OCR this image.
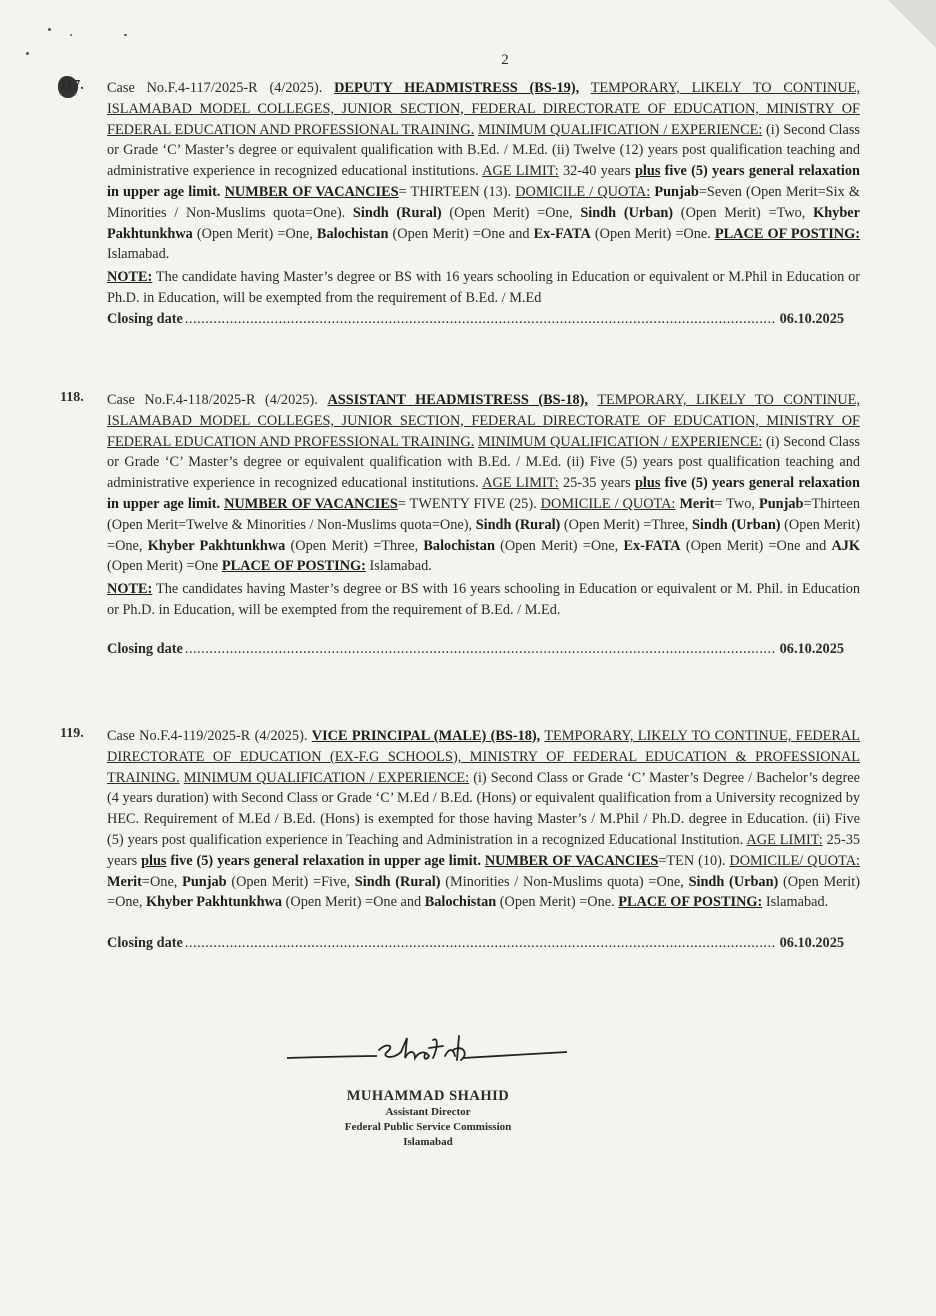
2
117.	Case No.F.4-117/2025-R (4/2025). DEPUTY HEADMISTRESS (BS-19), TEMPORARY, LIKELY TO CONTINUE, ISLAMABAD MODEL COLLEGES, JUNIOR SECTION, FEDERAL DIRECTORATE OF EDUCATION, MINISTRY OF FEDERAL EDUCATION AND PROFESSIONAL TRAINING. MINIMUM QUALIFICATION / EXPERIENCE: (i) Second Class or Grade ‘C’ Master’s degree or equivalent qualification with B.Ed. / M.Ed. (ii) Twelve (12) years post qualification teaching and administrative experience in recognized educational institutions. AGE LIMIT: 32-40 years plus five (5) years general relaxation in upper age limit. NUMBER OF VACANCIES= THIRTEEN (13). DOMICILE / QUOTA: Punjab=Seven (Open Merit=Six & Minorities / Non-Muslims quota=One). Sindh (Rural) (Open Merit) =One, Sindh (Urban) (Open Merit) =Two, Khyber Pakhtunkhwa (Open Merit) =One, Balochistan (Open Merit) =One and Ex-FATA (Open Merit) =One. PLACE OF POSTING: Islamabad.
NOTE: The candidate having Master’s degree or BS with 16 years schooling in Education or equivalent or M.Phil in Education or Ph.D. in Education, will be exempted from the requirement of B.Ed. / M.Ed
Closing date .....	06.10.2025
118.	Case No.F.4-118/2025-R (4/2025). ASSISTANT HEADMISTRESS (BS-18), TEMPORARY, LIKELY TO CONTINUE, ISLAMABAD MODEL COLLEGES, JUNIOR SECTION, FEDERAL DIRECTORATE OF EDUCATION, MINISTRY OF FEDERAL EDUCATION AND PROFESSIONAL TRAINING. MINIMUM QUALIFICATION / EXPERIENCE: (i) Second Class or Grade ‘C’ Master’s degree or equivalent qualification with B.Ed. / M.Ed. (ii) Five (5) years post qualification teaching and administrative experience in recognized educational institutions. AGE LIMIT: 25-35 years plus five (5) years general relaxation in upper age limit. NUMBER OF VACANCIES= TWENTY FIVE (25). DOMICILE / QUOTA: Merit= Two, Punjab=Thirteen (Open Merit=Twelve & Minorities / Non-Muslims quota=One), Sindh (Rural) (Open Merit) =Three, Sindh (Urban) (Open Merit) =One, Khyber Pakhtunkhwa (Open Merit) =Three, Balochistan (Open Merit) =One, Ex-FATA (Open Merit) =One and AJK (Open Merit) =One PLACE OF POSTING: Islamabad.
NOTE: The candidates having Master’s degree or BS with 16 years schooling in Education or equivalent or M. Phil. in Education or Ph.D. in Education, will be exempted from the requirement of B.Ed. / M.Ed.
Closing date .....	06.10.2025
119.	Case No.F.4-119/2025-R (4/2025). VICE PRINCIPAL (MALE) (BS-18), TEMPORARY, LIKELY TO CONTINUE, FEDERAL DIRECTORATE OF EDUCATION (EX-F.G SCHOOLS), MINISTRY OF FEDERAL EDUCATION & PROFESSIONAL TRAINING. MINIMUM QUALIFICATION / EXPERIENCE: (i) Second Class or Grade ‘C’ Master’s Degree / Bachelor’s degree (4 years duration) with Second Class or Grade ‘C’ M.Ed / B.Ed. (Hons) or equivalent qualification from a University recognized by HEC. Requirement of M.Ed / B.Ed. (Hons) is exempted for those having Master’s / M.Phil / Ph.D. degree in Education. (ii) Five (5) years post qualification experience in Teaching and Administration in a recognized Educational Institution. AGE LIMIT: 25-35 years plus five (5) years general relaxation in upper age limit. NUMBER OF VACANCIES=TEN (10). DOMICILE/ QUOTA: Merit=One, Punjab (Open Merit) =Five, Sindh (Rural) (Minorities / Non-Muslims quota) =One, Sindh (Urban) (Open Merit) =One, Khyber Pakhtunkhwa (Open Merit) =One and Balochistan (Open Merit) =One. PLACE OF POSTING: Islamabad.
Closing date .....	06.10.2025
MUHAMMAD SHAHID
Assistant Director
Federal Public Service Commission
Islamabad
